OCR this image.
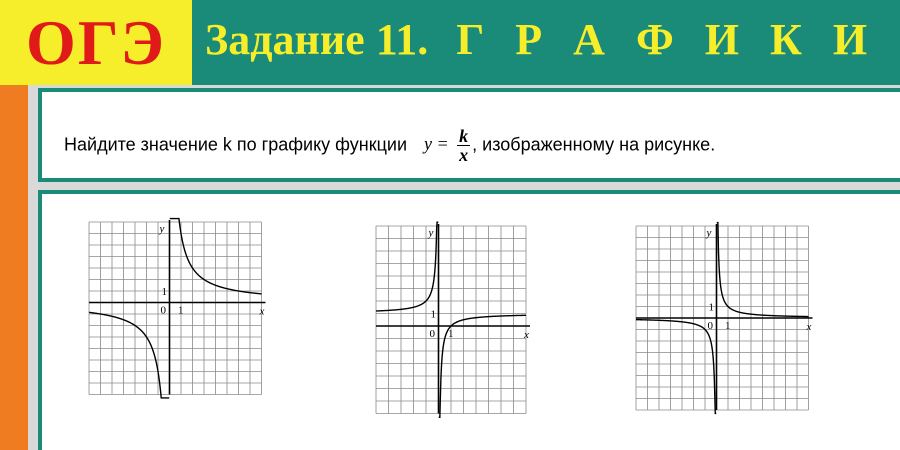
ОГЭ Задание 11. Г Р А Ф И К И
Найдите значение k по графику функции $y = \frac{k}{x}$ , изображенному на рисунке.
x
y
0 1
1
x
y
0 1
1
x
y
0 1
1
